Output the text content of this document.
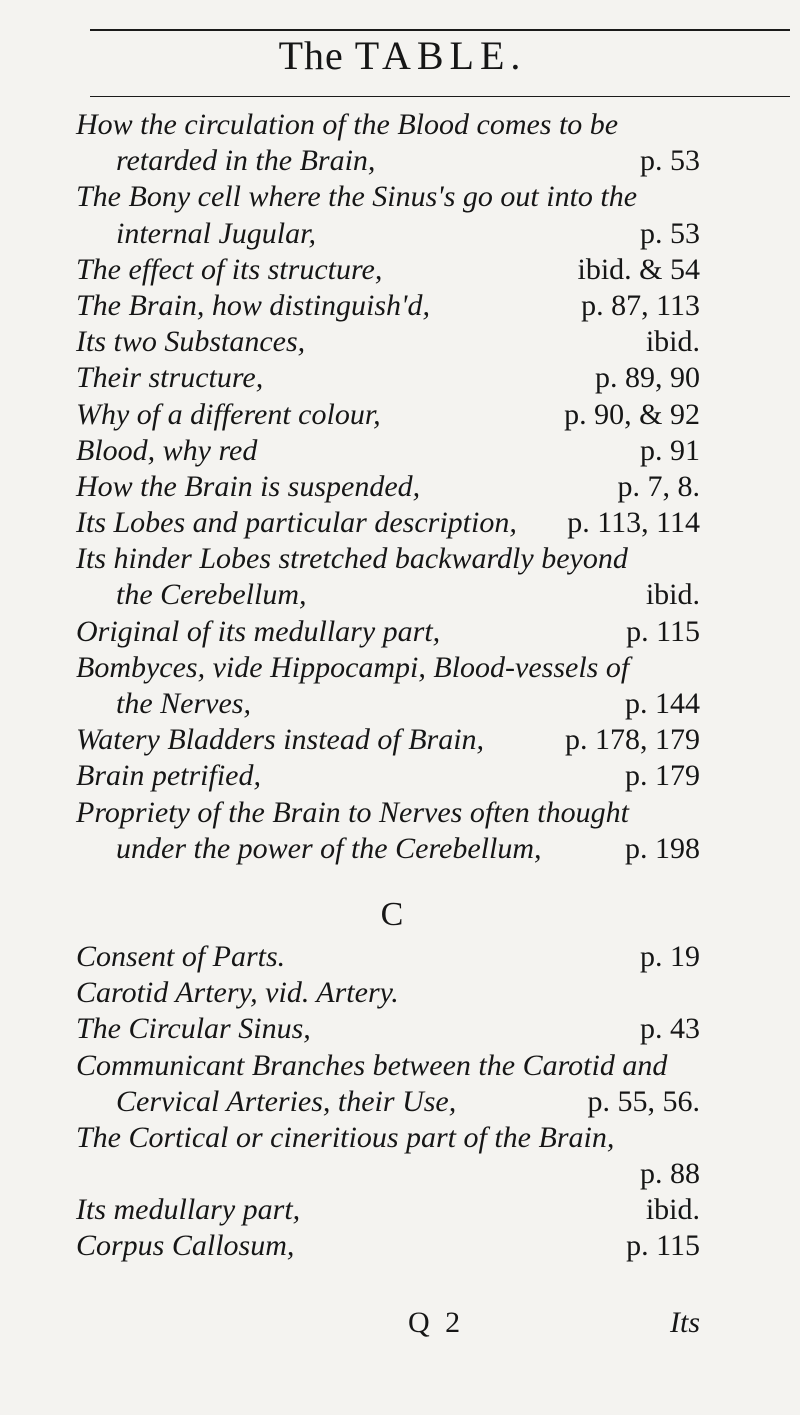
The TABLE.
How the circulation of the Blood comes to be
retarded in the Brain,	p. 53
The Bony cell where the Sinus's go out into the
internal Jugular,	p. 53
The effect of its structure,	ibid. & 54
The Brain, how distinguish'd,	p. 87, 113
Its two Substances,	ibid.
Their structure,	p. 89, 90
Why of a different colour,	p. 90, & 92
Blood, why red	p. 91
How the Brain is suspended,	p. 7, 8.
Its Lobes and particular description, p. 113, 114
Its hinder Lobes stretched backwardly beyond
the Cerebellum,	ibid.
Original of its medullary part,	p. 115
Bombyces, vide Hippocampi, Blood-vessels of
the Nerves,	p. 144
Watery Bladders instead of Brain,	p. 178, 179
Brain petrified,	p. 179
Propriety of the Brain to Nerves often thought
under the power of the Cerebellum,	p. 198
C
Consent of Parts.	p. 19
Carotid Artery, vid. Artery.
The Circular Sinus,	p. 43
Communicant Branches between the Carotid and
Cervical Arteries, their Use,	p. 55, 56.
The Cortical or cineritious part of the Brain,
p. 88
Its medullary part,	ibid.
Corpus Callosum,	p. 115
Q 2	Its
